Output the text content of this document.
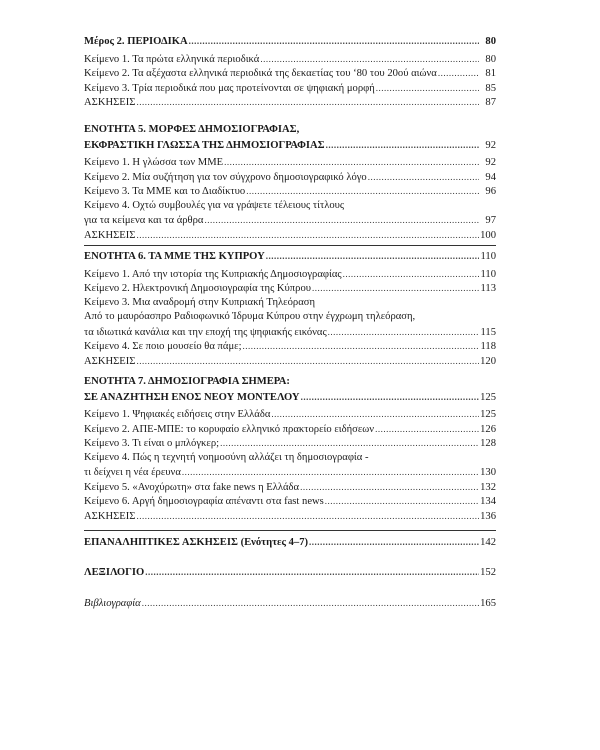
Μέρος 2. ΠΕΡΙΟΔΙΚΑ .....	80
Κείμενο 1. Τα πρώτα ελληνικά περιοδικά .....	80
Κείμενο 2. Τα αξέχαστα ελληνικά περιοδικά της δεκαετίας του ‘80 του 20ού αιώνα .....	81
Κείμενο 3. Τρία περιοδικά που μας προτείνονται σε ψηφιακή μορφή .....	85
ΑΣΚΗΣΕΙΣ .....	87
ΕΝΟΤΗΤΑ 5. ΜΟΡΦΕΣ ΔΗΜΟΣΙΟΓΡΑΦΙΑΣ,
ΕΚΦΡΑΣΤΙΚΗ ΓΛΩΣΣΑ ΤΗΣ ΔΗΜΟΣΙΟΓΡΑΦΙΑΣ .....	92
Κείμενο 1. Η γλώσσα των ΜΜΕ .....	92
Κείμενο 2. Μία συζήτηση για τον σύγχρονο δημοσιογραφικό λόγο .....	94
Κείμενο 3. Τα ΜΜΕ και το Διαδίκτυο .....	96
Κείμενο 4. Οχτώ συμβουλές για να γράψετε τέλειους τίτλους
για τα κείμενα και τα άρθρα .....	97
ΑΣΚΗΣΕΙΣ .....	100
ΕΝΟΤΗΤΑ 6. ΤΑ ΜΜΕ ΤΗΣ ΚΥΠΡΟΥ .....	110
Κείμενο 1. Από την ιστορία της Κυπριακής Δημοσιογραφίας .....	110
Κείμενο 2. Ηλεκτρονική Δημοσιογραφία της Κύπρου .....	113
Κείμενο 3. Μια αναδρομή στην Κυπριακή Τηλεόραση
Από το μαυρόασπρο Ραδιοφωνικό Ίδρυμα Κύπρου στην έγχρωμη τηλεόραση,
τα ιδιωτικά κανάλια και την εποχή της ψηφιακής εικόνας .....	115
Κείμενο 4. Σε ποιο μουσείο θα πάμε; .....	118
ΑΣΚΗΣΕΙΣ .....	120
ΕΝΟΤΗΤΑ 7. ΔΗΜΟΣΙΟΓΡΑΦΙΑ ΣΗΜΕΡΑ:
ΣΕ ΑΝΑΖΗΤΗΣΗ ΕΝΟΣ ΝΕΟΥ ΜΟΝΤΕΛΟΥ .....	125
Κείμενο 1. Ψηφιακές ειδήσεις στην Ελλάδα .....	125
Κείμενο 2. ΑΠΕ-ΜΠΕ: το κορυφαίο ελληνικό πρακτορείο ειδήσεων .....	126
Κείμενο 3. Τι είναι ο μπλόγκερ; .....	128
Κείμενο 4. Πώς η τεχνητή νοημοσύνη αλλάζει τη δημοσιογραφία -
τι δείχνει η νέα έρευνα .....	130
Κείμενο 5. «Ανοχύρωτη» στα fake news η Ελλάδα .....	132
Κείμενο 6. Αργή δημοσιογραφία απέναντι στα fast news .....	134
ΑΣΚΗΣΕΙΣ .....	136
ΕΠΑΝΑΛΗΠΤΙΚΕΣ ΑΣΚΗΣΕΙΣ (Ενότητες 4–7) .....	142
ΛΕΞΙΛΟΓΙΟ .....	152
Βιβλιογραφία .....	165
